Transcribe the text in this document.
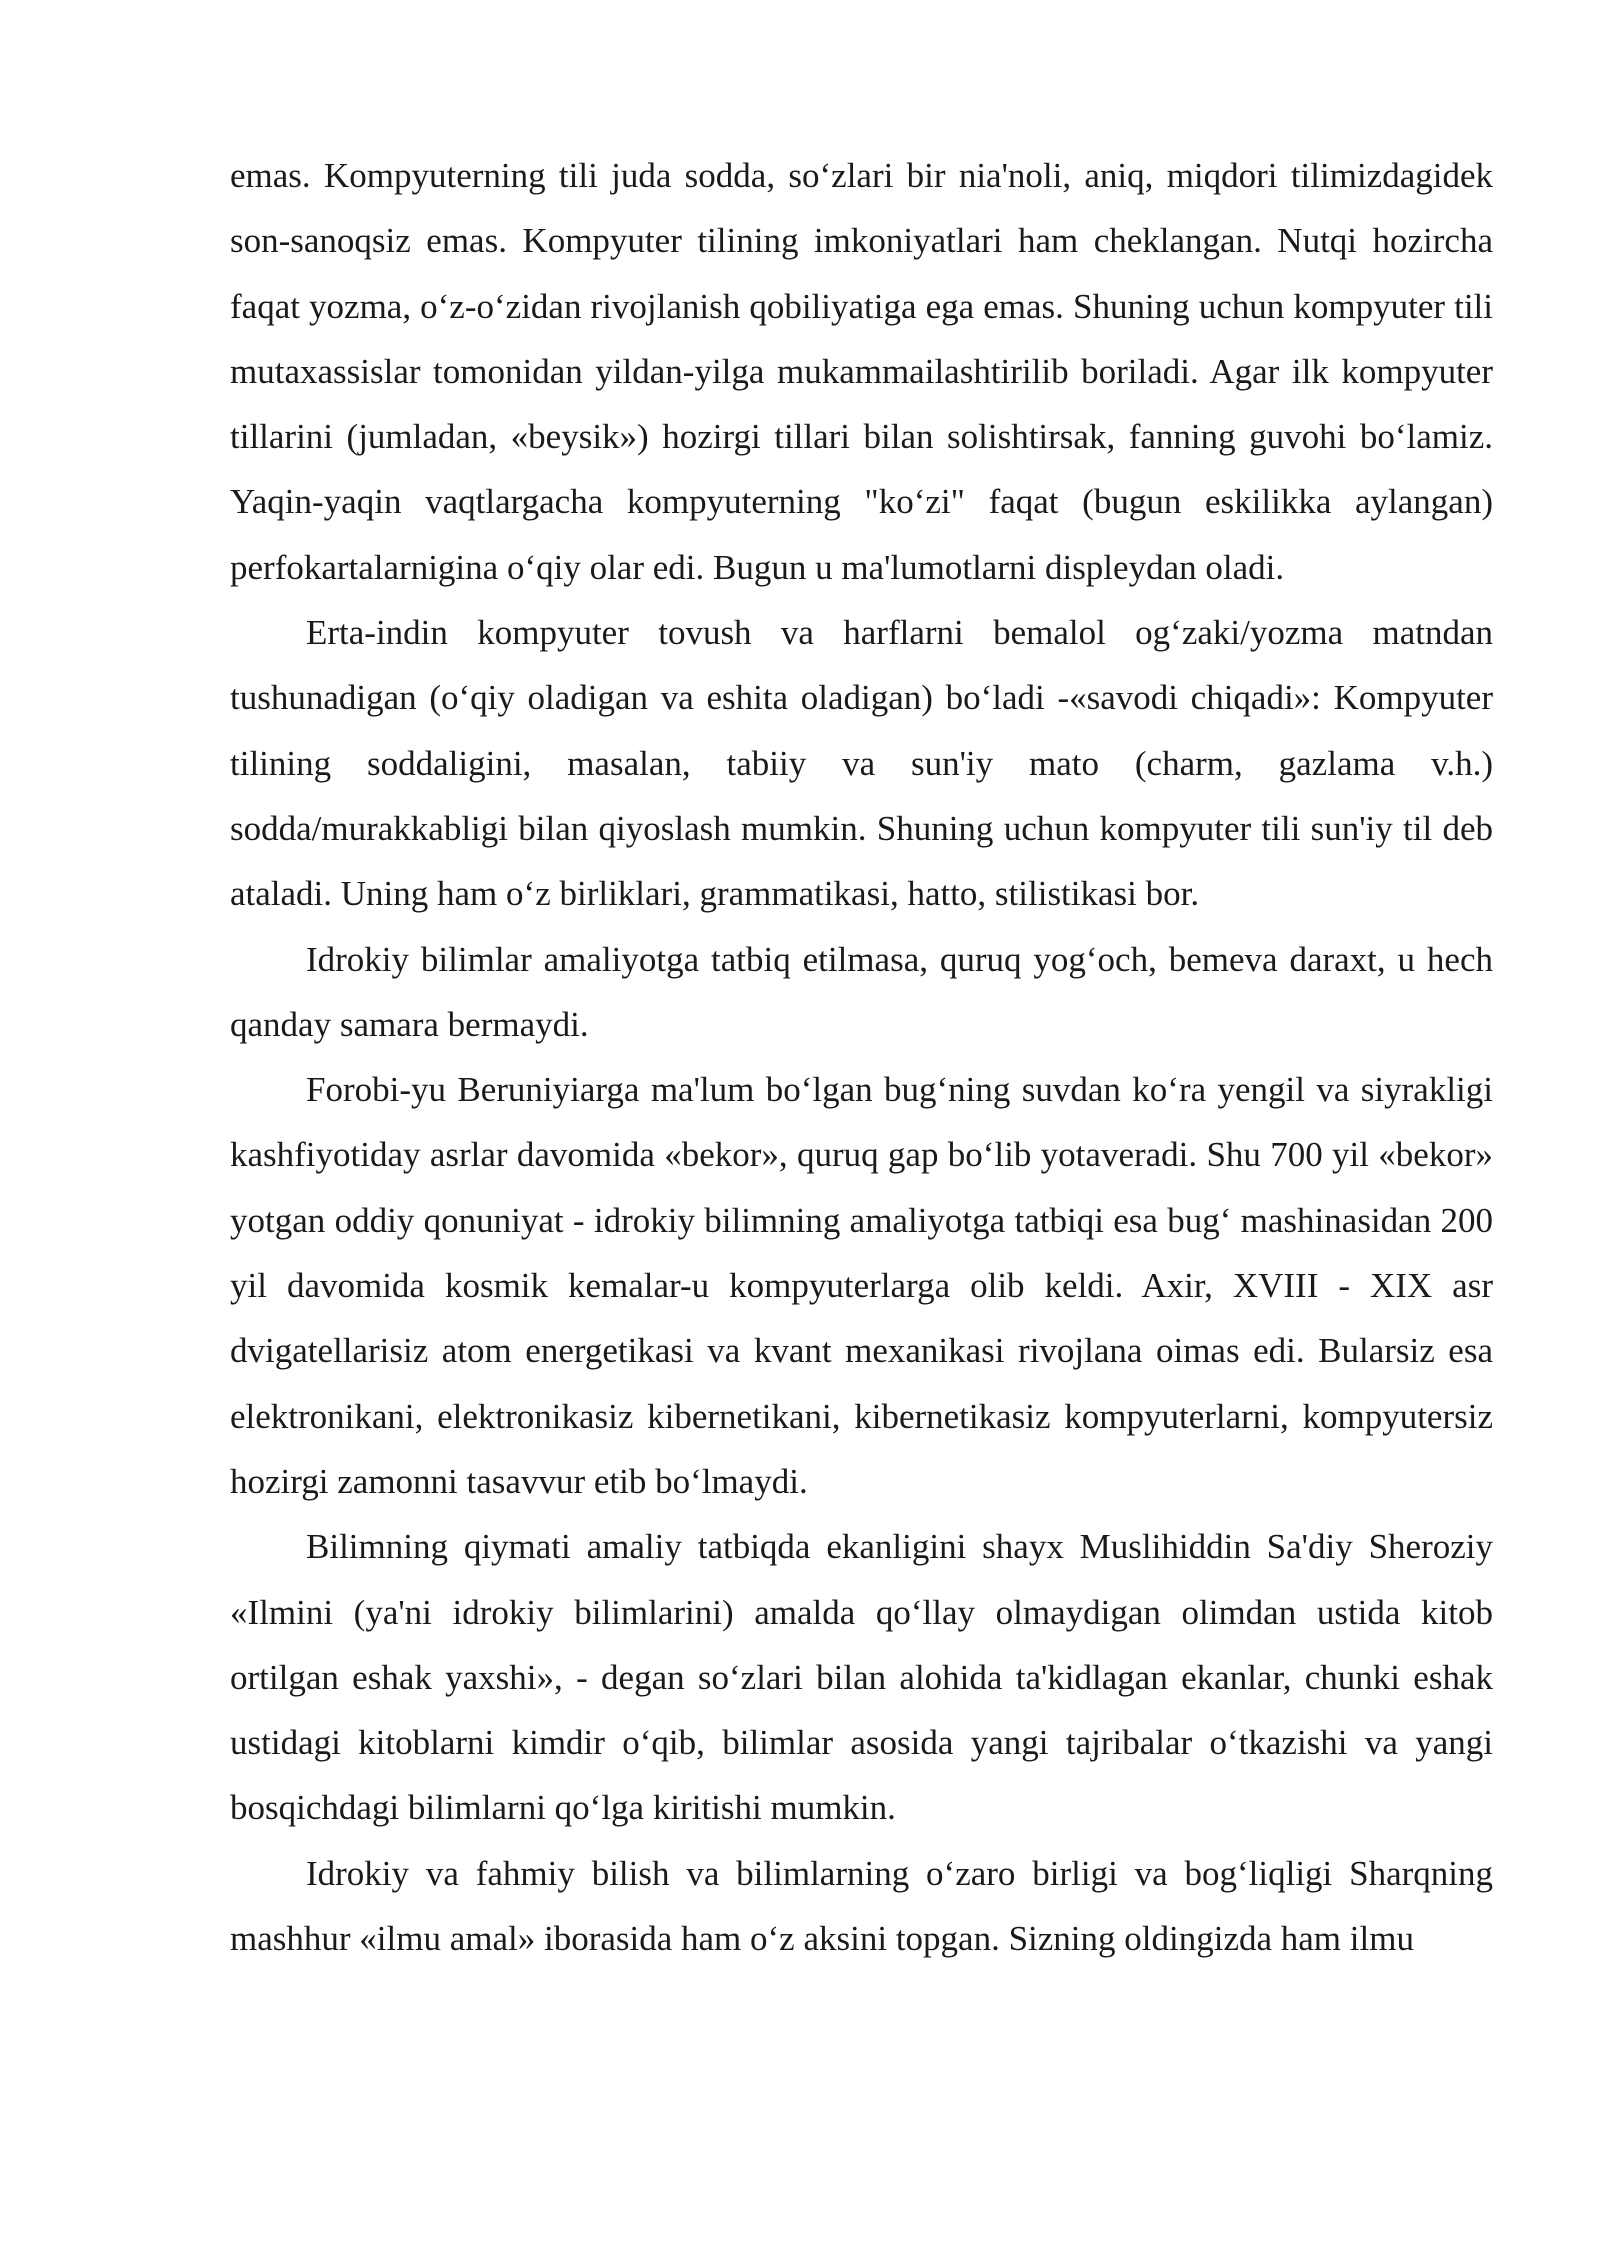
emas. Kompyuterning tili juda sodda, so‘zlari bir nia'noli, aniq, miqdori tilimizdagidek son-sanoqsiz emas. Kompyuter tilining imkoniyatlari ham cheklangan. Nutqi hozircha faqat yozma, o‘z-o‘zidan rivojlanish qobiliyatiga ega emas. Shuning uchun kompyuter tili mutaxassislar tomonidan yildan-yilga mukammailashtirilib boriladi. Agar ilk kompyuter tillarini (jumladan, «beysik») hozirgi tillari bilan solishtirsak, fanning guvohi bo‘lamiz. Yaqin-yaqin vaqtlargacha kompyuterning "ko‘zi" faqat (bugun eskilikka aylangan) perfokartalarnigina o‘qiy olar edi. Bugun u ma'lumotlarni displeydan oladi.

Erta-indin kompyuter tovush va harflarni bemalol og‘zaki/yozma matndan tushunadigan (o‘qiy oladigan va eshita oladigan) bo‘ladi -«savodi chiqadi»: Kompyuter tilining soddaligini, masalan, tabiiy va sun'iy mato (charm, gazlama v.h.) sodda/murakkabligi bilan qiyoslash mumkin. Shuning uchun kompyuter tili sun'iy til deb ataladi. Uning ham o‘z birliklari, grammatikasi, hatto, stilistikasi bor.

Idrokiy bilimlar amaliyotga tatbiq etilmasa, quruq yog‘och, bemeva daraxt, u hech qanday samara bermaydi.

Forobi-yu Beruniyiarga ma'lum bo‘lgan bug‘ning suvdan ko‘ra yengil va siyrakligi kashfiyotiday asrlar davomida «bekor», quruq gap bo‘lib yotaveradi. Shu 700 yil «bekor» yotgan oddiy qonuniyat - idrokiy bilimning amaliyotga tatbiqi esa bug‘ mashinasidan 200 yil davomida kosmik kemalar-u kompyuterlarga olib keldi. Axir, XVIII - XIX asr dvigatellarisiz atom energetikasi va kvant mexanikasi rivojlana oimas edi. Bularsiz esa elektronikani, elektronikasiz kibernetikani, kibernetikasiz kompyuterlarni, kompyutersiz hozirgi zamonni tasavvur etib bo‘lmaydi.

Bilimning qiymati amaliy tatbiqda ekanligini shayx Muslihiddin Sa'diy Sheroziy «Ilmini (ya'ni idrokiy bilimlarini) amalda qo‘llay olmaydigan olimdan ustida kitob ortilgan eshak yaxshi», - degan so‘zlari bilan alohida ta'kidlagan ekanlar, chunki eshak ustidagi kitoblarni kimdir o‘qib, bilimlar asosida yangi tajribalar o‘tkazishi va yangi bosqichdagi bilimlarni qo‘lga kiritishi mumkin.

Idrokiy va fahmiy bilish va bilimlarning o‘zaro birligi va bog‘liqligi Sharqning mashhur «ilmu amal» iborasida ham o‘z aksini topgan. Sizning oldingizda ham ilmu
